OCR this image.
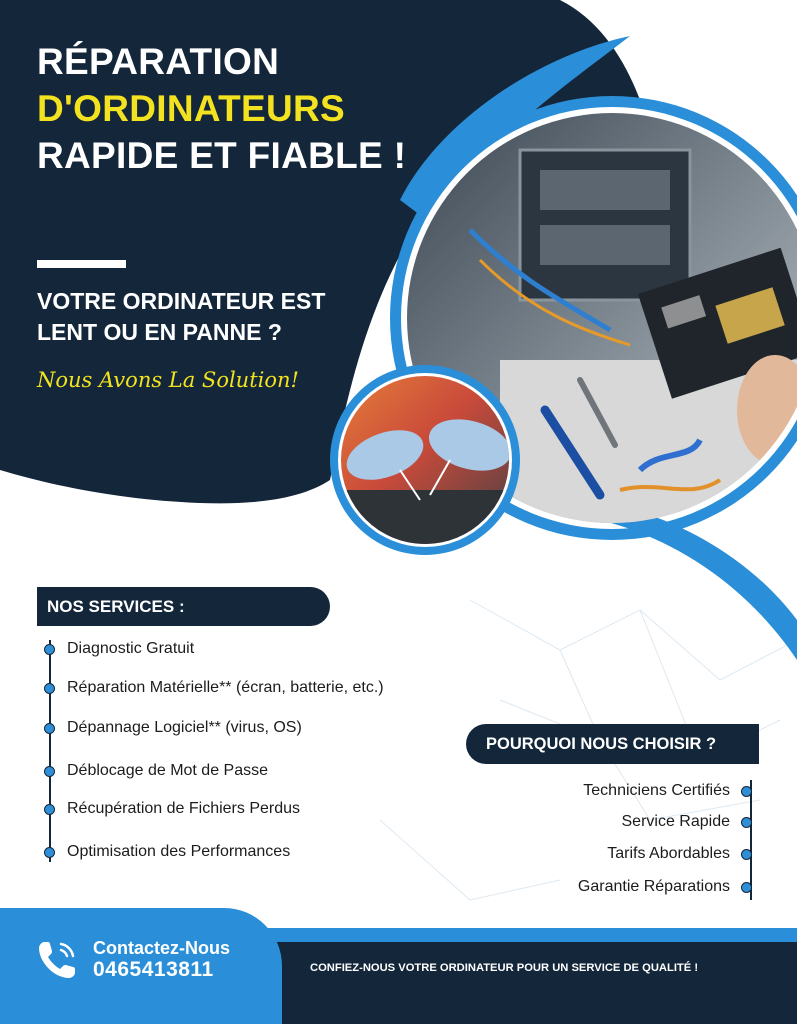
RÉPARATION
D'ORDINATEURS
RAPIDE ET FIABLE !

VOTRE ORDINATEUR EST
LENT OU EN PANNE ?

Nous Avons La Solution!

NOS SERVICES :
Diagnostic Gratuit
Réparation Matérielle** (écran, batterie, etc.)
Dépannage Logiciel** (virus, OS)
Déblocage de Mot de Passe
Récupération de Fichiers Perdus
Optimisation des Performances
POURQUOI NOUS CHOISIR ?
Techniciens Certifiés
Service Rapide
Tarifs Abordables
Garantie Réparations

Contactez-Nous

0465413811	CONFIEZ-NOUS VOTRE ORDINATEUR POUR UN SERVICE DE QUALITÉ !
